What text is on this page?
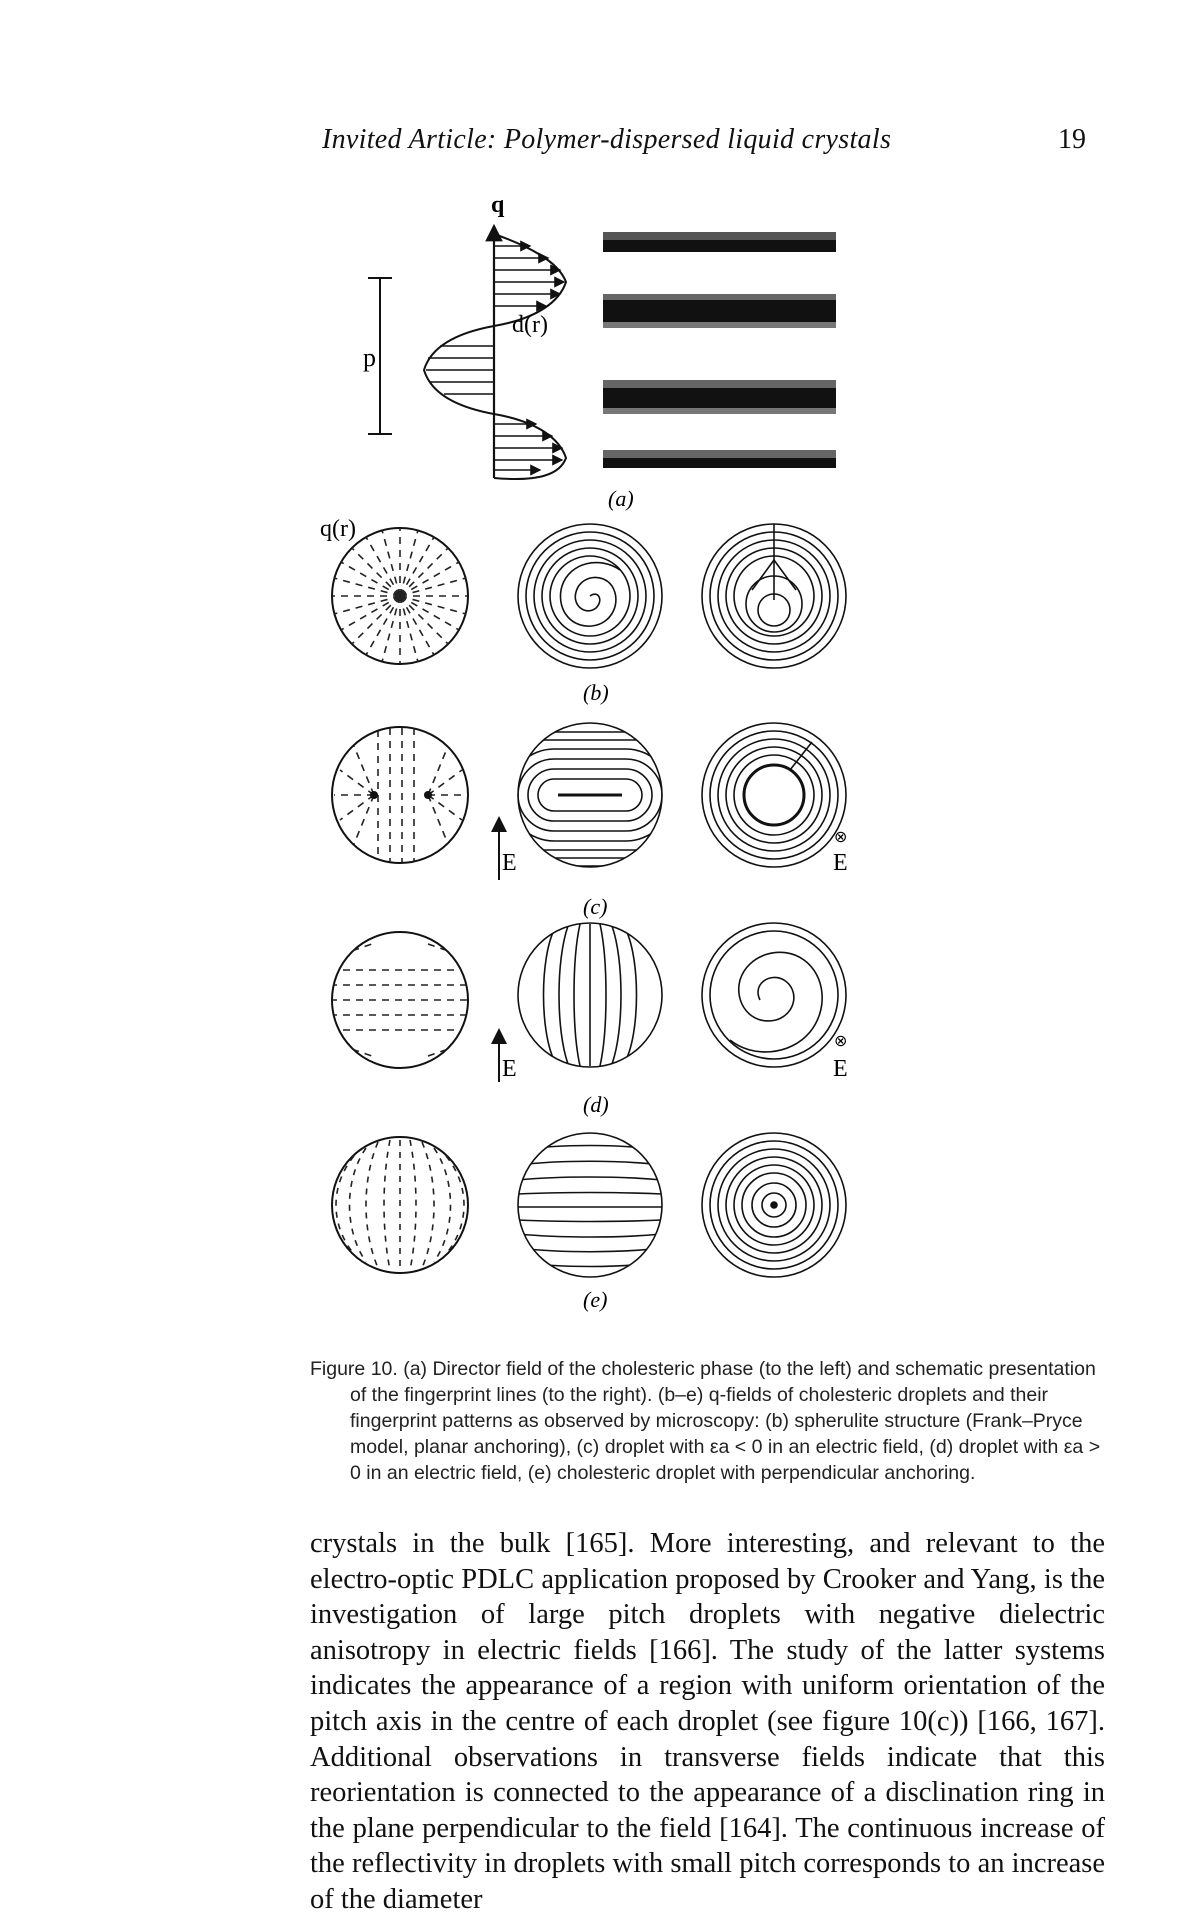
Invited Article: Polymer-dispersed liquid crystals	19
p
q
d(r)
(a)
q(r)
(b)
E
⊗
E
(c)
E
⊗
E
(d)
(e)

Figure 10. (a) Director field of the cholesteric phase (to the left) and schematic presentation of the fingerprint lines (to the right). (b–e) q-fields of cholesteric droplets and their fingerprint patterns as observed by microscopy: (b) spherulite structure (Frank–Pryce model, planar anchoring), (c) droplet with εa < 0 in an electric field, (d) droplet with εa > 0 in an electric field, (e) cholesteric droplet with perpendicular anchoring.

crystals in the bulk [165]. More interesting, and relevant to the electro-optic PDLC application proposed by Crooker and Yang, is the investigation of large pitch droplets with negative dielectric anisotropy in electric fields [166]. The study of the latter systems indicates the appearance of a region with uniform orientation of the pitch axis in the centre of each droplet (see figure 10(c)) [166, 167]. Additional observations in transverse fields indicate that this reorientation is connected to the appearance of a disclination ring in the plane perpendicular to the field [164]. The continuous increase of the reflectivity in droplets with small pitch corresponds to an increase of the diameter
